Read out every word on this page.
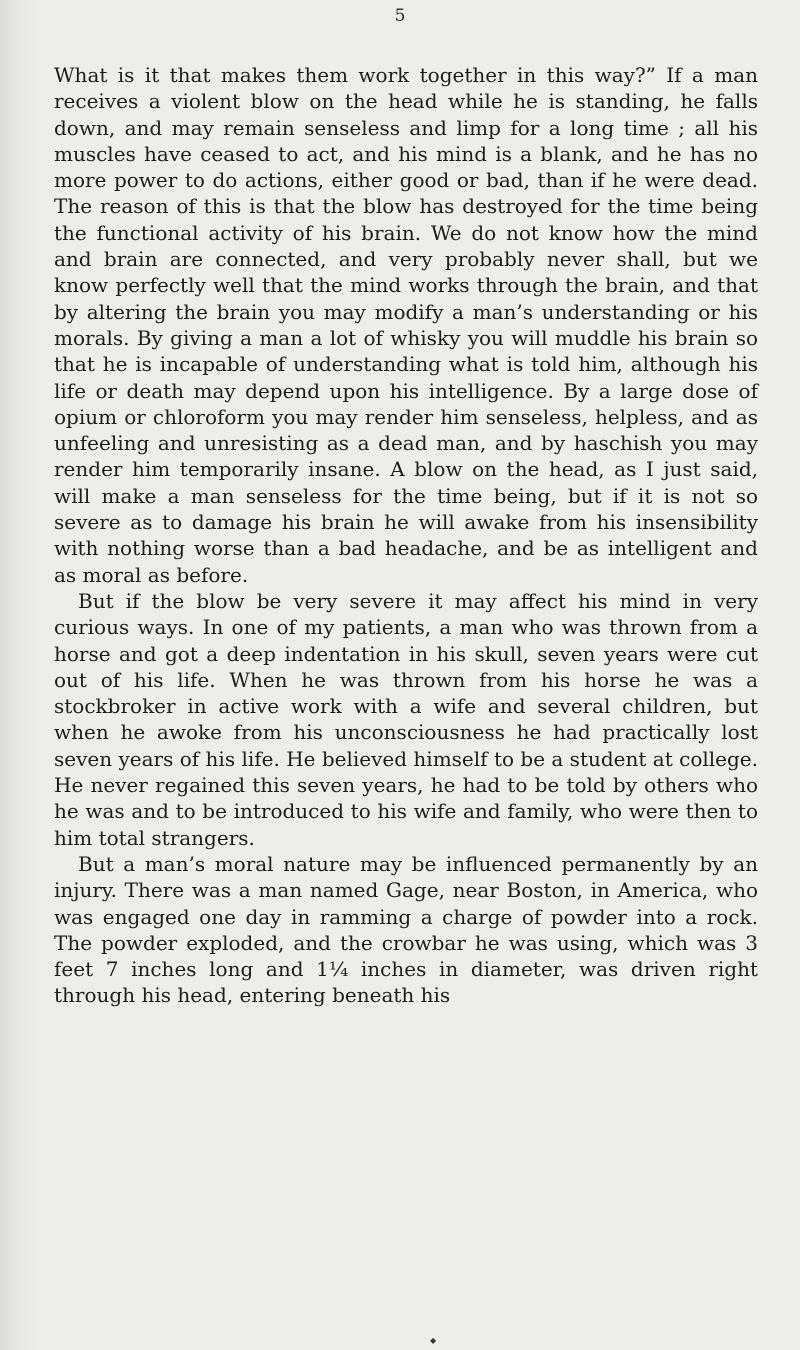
5

What is it that makes them work together in this way?” If a man receives a violent blow on the head while he is standing, he falls down, and may remain senseless and limp for a long time ; all his muscles have ceased to act, and his mind is a blank, and he has no more power to do actions, either good or bad, than if he were dead. The reason of this is that the blow has destroyed for the time being the functional activity of his brain. We do not know how the mind and brain are connected, and very probably never shall, but we know perfectly well that the mind works through the brain, and that by altering the brain you may modify a man’s understanding or his morals. By giving a man a lot of whisky you will muddle his brain so that he is incapable of understanding what is told him, although his life or death may depend upon his intelligence. By a large dose of opium or chloroform you may render him senseless, helpless, and as unfeeling and unresisting as a dead man, and by haschish you may render him temporarily insane. A blow on the head, as I just said, will make a man senseless for the time being, but if it is not so severe as to damage his brain he will awake from his insensibility with nothing worse than a bad headache, and be as intelligent and as moral as before.

But if the blow be very severe it may affect his mind in very curious ways. In one of my patients, a man who was thrown from a horse and got a deep indentation in his skull, seven years were cut out of his life. When he was thrown from his horse he was a stockbroker in active work with a wife and several children, but when he awoke from his unconsciousness he had practically lost seven years of his life. He believed himself to be a student at college. He never regained this seven years, he had to be told by others who he was and to be introduced to his wife and family, who were then to him total strangers.

But a man’s moral nature may be influenced permanently by an injury. There was a man named Gage, near Boston, in America, who was engaged one day in ramming a charge of powder into a rock. The powder exploded, and the crowbar he was using, which was 3 feet 7 inches long and 1¼ inches in diameter, was driven right through his head, entering beneath his

◆
